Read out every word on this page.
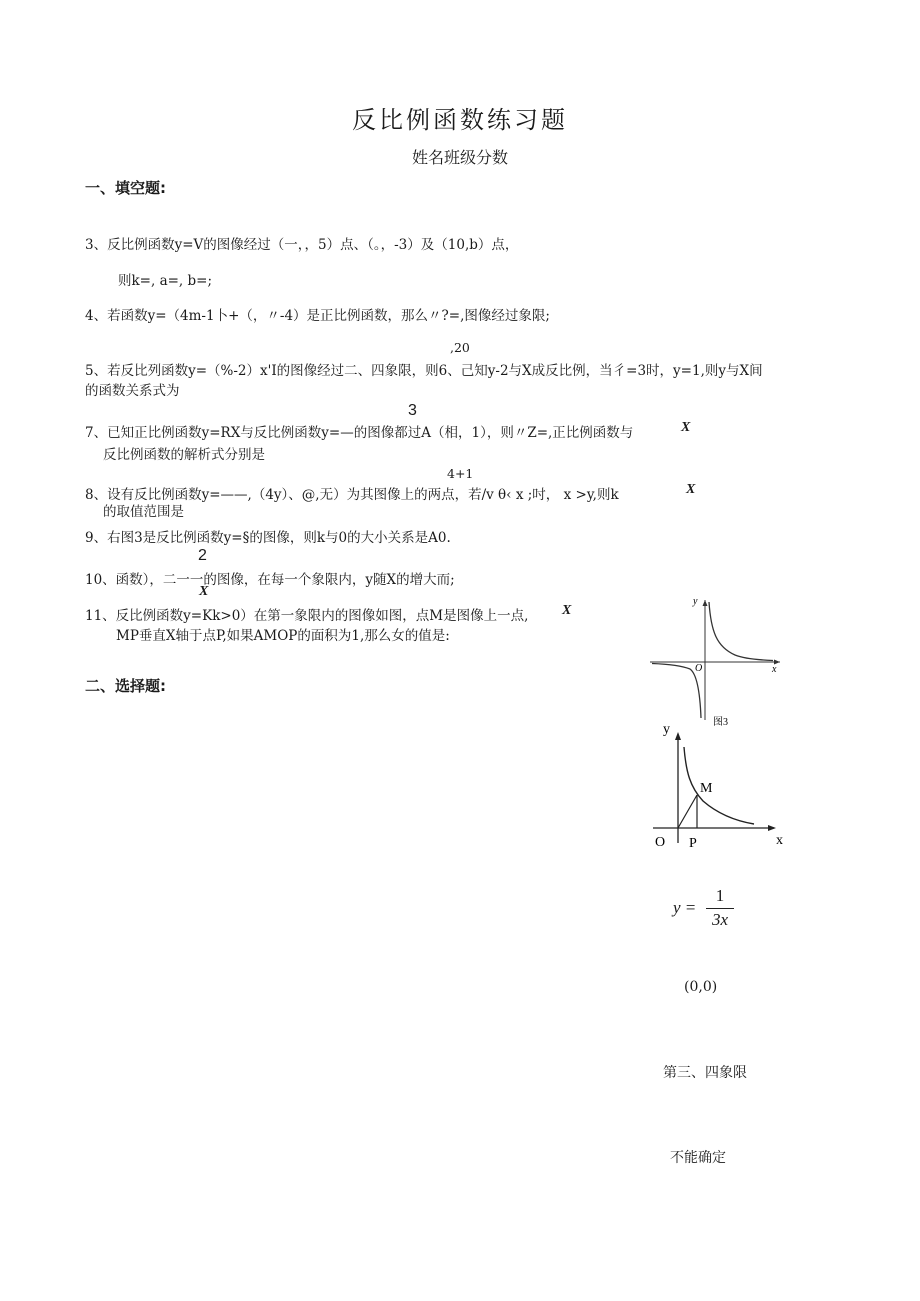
反比例函数练习题
姓名班级分数
一、填空题:
3、反比例函数y=V的图像经过（一，，5）点、（。，-3）及（10,b）点，
则k=, a=, b=;
4、若函数y=（4m-1卜+（，〃-4）是正比例函数，那么〃?=,图像经过象限;
,20
5、若反比列函数y=（%-2）x'I的图像经过二、四象限，则6、己知y-2与X成反比例，当彳=3时，y=1,则y与X间
的函数关系式为
3
7、已知正比例函数y=RX与反比例函数y=—的图像都过A（相，1），则〃Z=,正比例函数与	X
反比例函数的解析式分别是
4+1
8、设有反比例函数y=——,（4y）、@,无）为其图像上的两点，若/v θ‹ x ;吋， x >y,则k	X
的取值范围是
9、右图3是反比例函数y=§的图像，则k与0的大小关系是A0.
2
10、函数），二一一的图像，在每一个象限内，y随X的增大而;
X
11、反比例函数y=Kk>0）在第一象限内的图像如图，点M是图像上一点, X
MP垂直X轴于点P,如果AMOP的面积为1,那么女的值是:
二、选择题:
y
x
O
图3
y
x
O
M
P
y =
1
3x
(0,0)
第三、四象限
不能确定
